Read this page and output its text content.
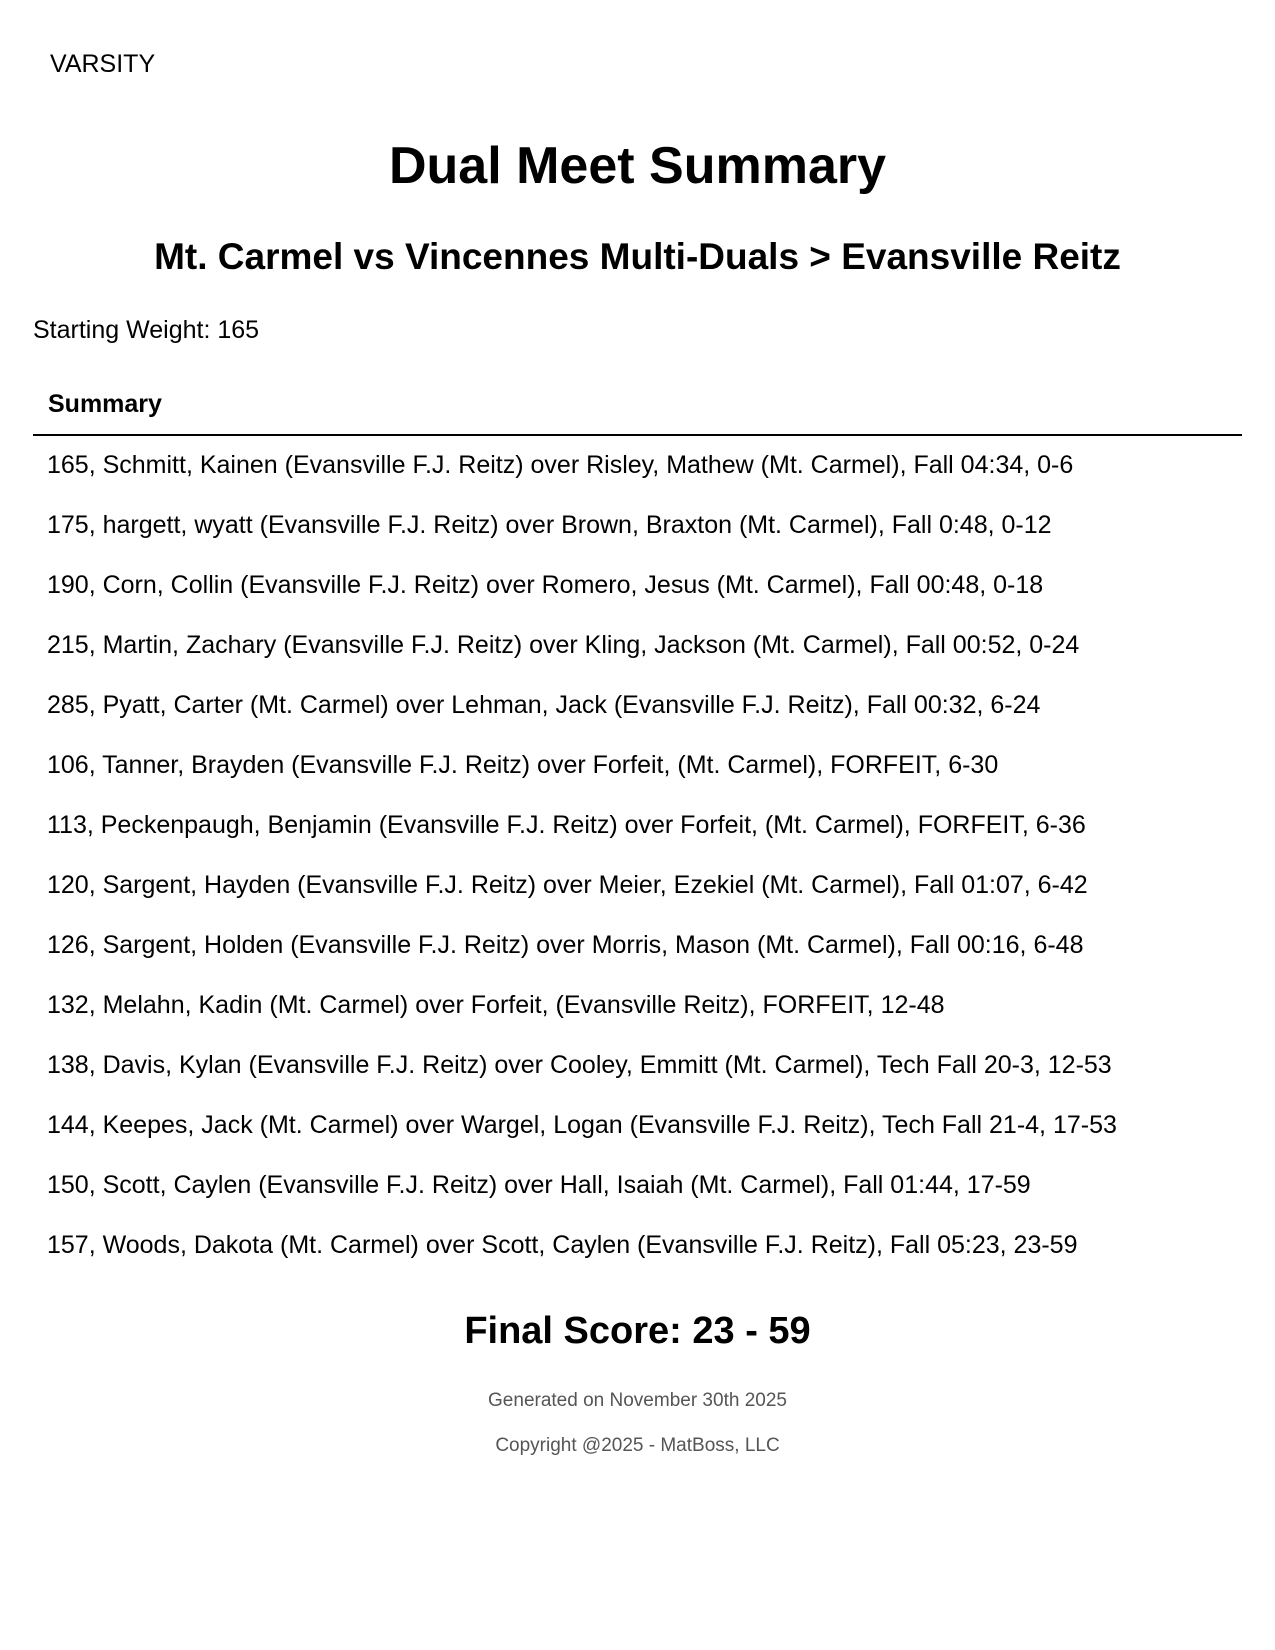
VARSITY
Dual Meet Summary
Mt. Carmel vs Vincennes Multi-Duals > Evansville Reitz
Starting Weight: 165
Summary
165, Schmitt, Kainen (Evansville F.J. Reitz) over Risley, Mathew (Mt. Carmel), Fall 04:34, 0-6
175, hargett, wyatt (Evansville F.J. Reitz) over Brown, Braxton (Mt. Carmel), Fall 0:48, 0-12
190, Corn, Collin (Evansville F.J. Reitz) over Romero, Jesus (Mt. Carmel), Fall 00:48, 0-18
215, Martin, Zachary (Evansville F.J. Reitz) over Kling, Jackson (Mt. Carmel), Fall 00:52, 0-24
285, Pyatt, Carter (Mt. Carmel) over Lehman, Jack (Evansville F.J. Reitz), Fall 00:32, 6-24
106, Tanner, Brayden (Evansville F.J. Reitz) over Forfeit, (Mt. Carmel), FORFEIT, 6-30
113, Peckenpaugh, Benjamin (Evansville F.J. Reitz) over Forfeit, (Mt. Carmel), FORFEIT, 6-36
120, Sargent, Hayden (Evansville F.J. Reitz) over Meier, Ezekiel (Mt. Carmel), Fall 01:07, 6-42
126, Sargent, Holden (Evansville F.J. Reitz) over Morris, Mason (Mt. Carmel), Fall 00:16, 6-48
132, Melahn, Kadin (Mt. Carmel) over Forfeit, (Evansville Reitz), FORFEIT, 12-48
138, Davis, Kylan (Evansville F.J. Reitz) over Cooley, Emmitt (Mt. Carmel), Tech Fall 20-3, 12-53
144, Keepes, Jack (Mt. Carmel) over Wargel, Logan (Evansville F.J. Reitz), Tech Fall 21-4, 17-53
150, Scott, Caylen (Evansville F.J. Reitz) over Hall, Isaiah (Mt. Carmel), Fall 01:44, 17-59
157, Woods, Dakota (Mt. Carmel) over Scott, Caylen (Evansville F.J. Reitz), Fall 05:23, 23-59
Final Score: 23 - 59
Generated on November 30th 2025
Copyright @2025 - MatBoss, LLC
